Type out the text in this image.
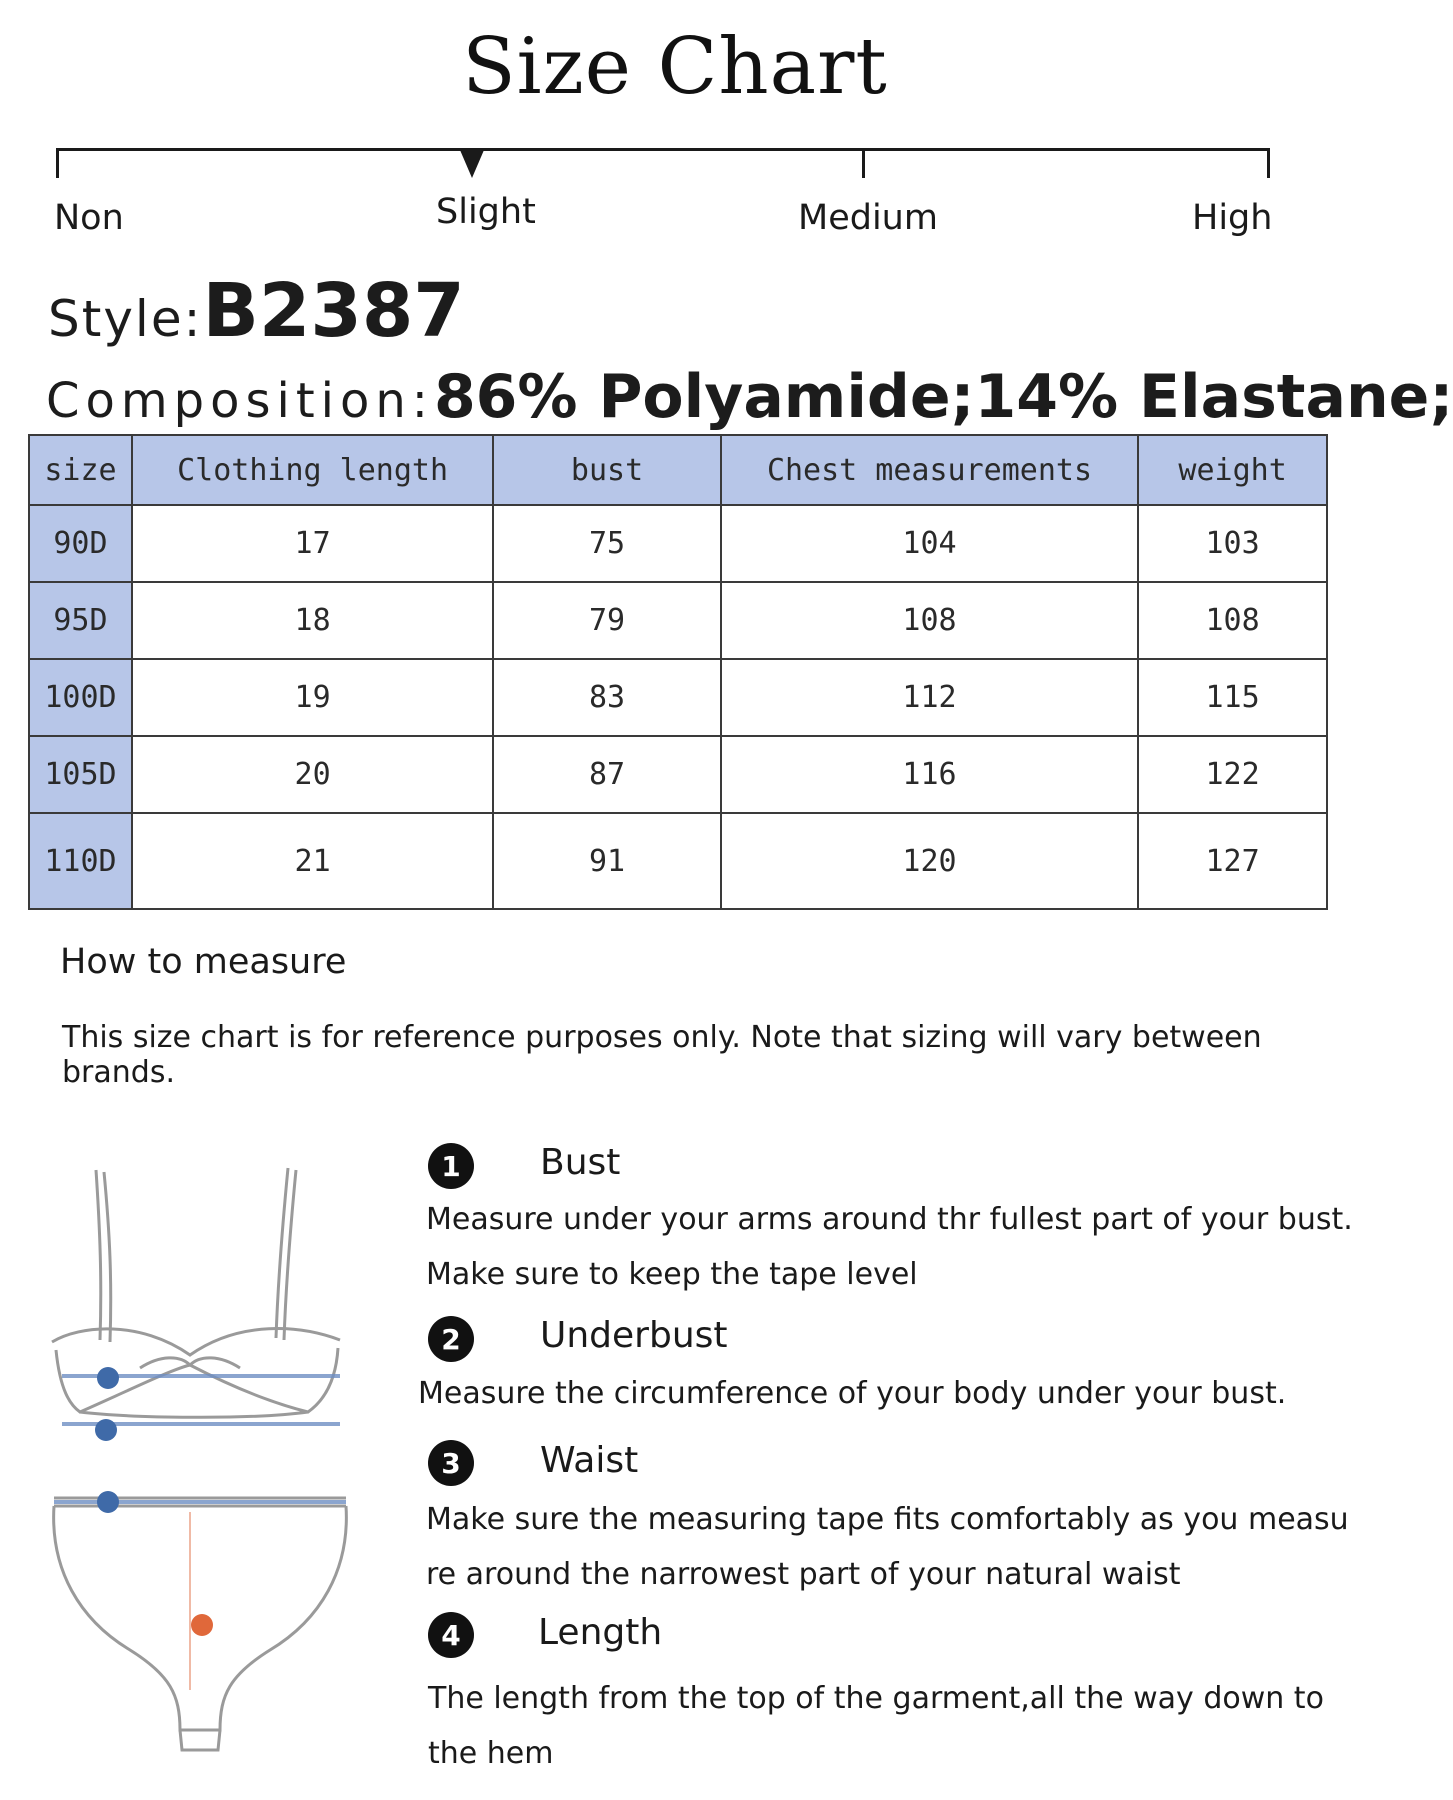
Size Chart
Non	Slight	Medium	High
Style:B2387
Composition:86% Polyamide;14% Elastane;
size	Clothing length	bust	Chest measurements	weight
90D	17	75	104	103
95D	18	79	108	108
100D	19	83	112	115
105D	20	87	116	122
110D	21	91	120	127
How to measure
This size chart is for reference purposes only. Note that sizing will vary between brands.
1	Bust
Measure under your arms around thr fullest part of your bust.
Make sure to keep the tape level
2	Underbust
Measure the circumference of your body under your bust.
3	Waist
Make sure the measuring tape fits comfortably as you measu
re around the narrowest part of your natural waist
4	Length
The length from the top of the garment,all the way down to
the hem
